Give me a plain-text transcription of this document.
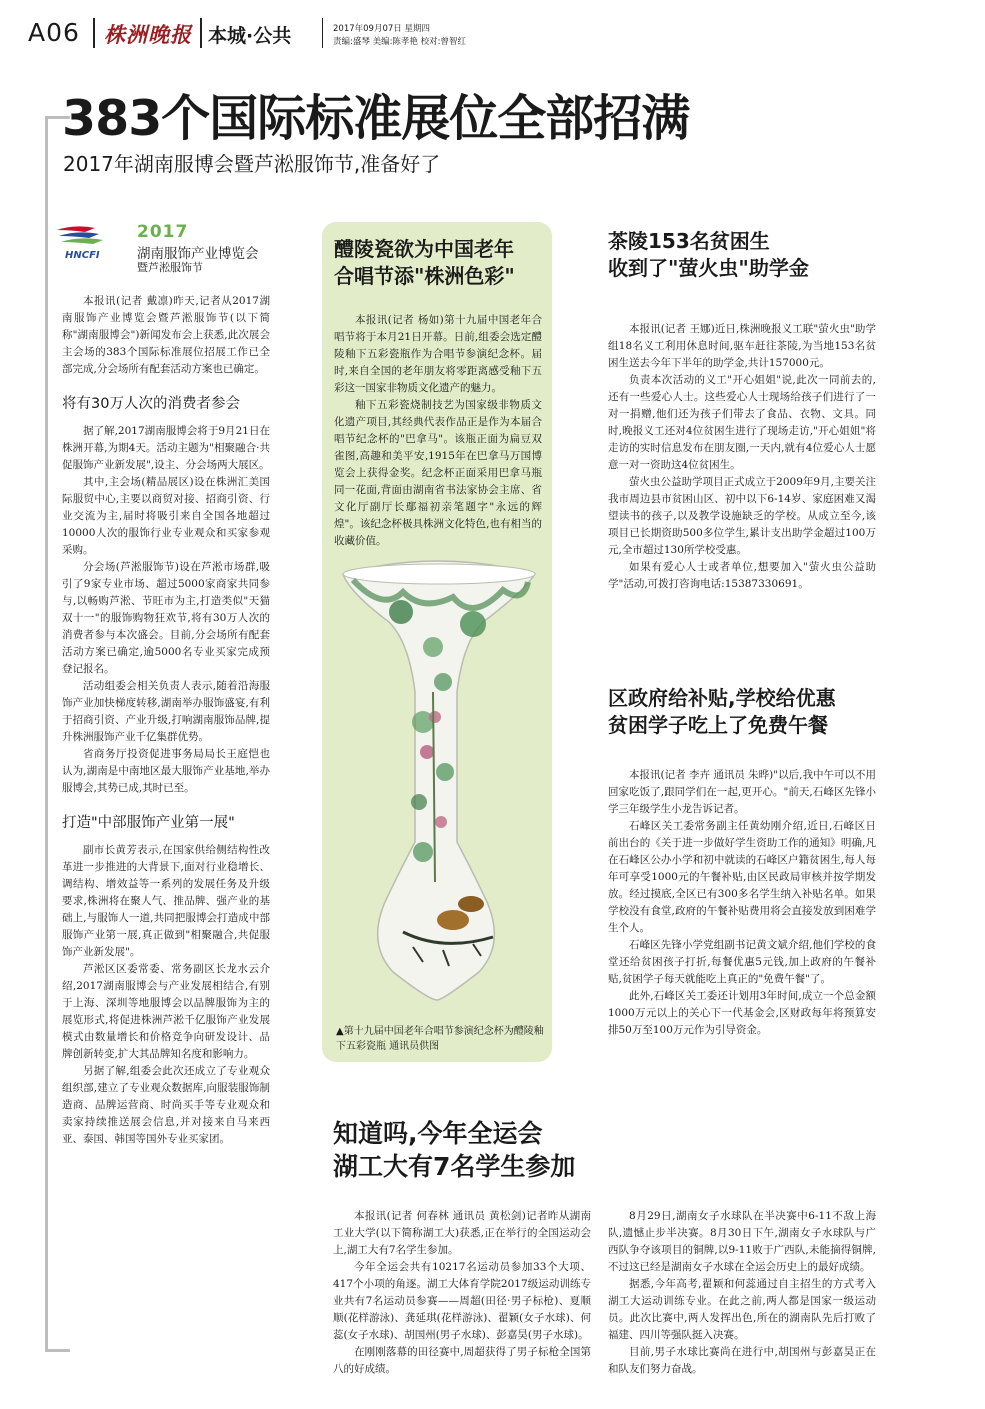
A06 株洲晚报 本城·公共	2017年09月07日 星期四
责编:盛琴 美编:陈孝艳 校对:曾智红
383个国际标准展位全部招满
2017年湖南服博会暨芦淞服饰节,准备好了
HNCFI
2017
湖南服饰产业博览会
暨芦淞服饰节

本报讯(记者 戴凛)昨天,记者从2017湖南服饰产业博览会暨芦淞服饰节(以下简称"湖南服博会")新闻发布会上获悉,此次展会主会场的383个国际标准展位招展工作已全部完成,分会场所有配套活动方案也已确定。

将有30万人次的消费者参会

据了解,2017湖南服博会将于9月21日在株洲开幕,为期4天。活动主题为"相聚融合·共促服饰产业新发展",设主、分会场两大展区。

其中,主会场(精品展区)设在株洲汇美国际服贸中心,主要以商贸对接、招商引资、行业交流为主,届时将吸引来自全国各地超过10000人次的服饰行业专业观众和买家参观采购。

分会场(芦淞服饰节)设在芦淞市场群,吸引了9家专业市场、超过5000家商家共同参与,以畅购芦淞、节旺市为主,打造类似"天猫双十一"的服饰购物狂欢节,将有30万人次的消费者参与本次盛会。目前,分会场所有配套活动方案已确定,逾5000名专业买家完成预登记报名。

活动组委会相关负责人表示,随着沿海服饰产业加快梯度转移,湖南举办服饰盛宴,有利于招商引资、产业升级,打响湖南服饰品牌,提升株洲服饰产业千亿集群优势。

省商务厅投资促进事务局局长王庭恺也认为,湖南是中南地区最大服饰产业基地,举办服博会,其势已成,其时已至。

打造"中部服饰产业第一展"

副市长黄芳表示,在国家供给侧结构性改革进一步推进的大背景下,面对行业稳增长、调结构、增效益等一系列的发展任务及升级要求,株洲将在聚人气、推品牌、强产业的基础上,与服饰人一道,共同把服博会打造成中部服饰产业第一展,真正做到"相聚融合,共促服饰产业新发展"。

芦淞区区委常委、常务副区长龙水云介绍,2017湖南服博会与产业发展相结合,有别于上海、深圳等地服博会以品牌服饰为主的展览形式,将促进株洲芦淞千亿服饰产业发展模式由数量增长和价格竞争向研发设计、品牌创新转变,扩大其品牌知名度和影响力。

另据了解,组委会此次还成立了专业观众组织部,建立了专业观众数据库,向服装服饰制造商、品牌运营商、时尚买手等专业观众和卖家持续推送展会信息,并对接来自马来西亚、泰国、韩国等国外专业买家团。

醴陵瓷欲为中国老年
合唱节添"株洲色彩"

本报讯(记者 杨如)第十九届中国老年合唱节将于本月21日开幕。日前,组委会选定醴陵釉下五彩瓷瓶作为合唱节参演纪念杯。届时,来自全国的老年朋友将零距离感受釉下五彩这一国家非物质文化遗产的魅力。

釉下五彩瓷烧制技艺为国家级非物质文化遗产项目,其经典代表作品正是作为本届合唱节纪念杯的"巴拿马"。该瓶正面为扁豆双雀图,高趣和美平安,1915年在巴拿马万国博览会上获得金奖。纪念杯正面采用巴拿马瓶同一花面,背面由湖南省书法家协会主席、省文化厅副厅长鄢福初亲笔题字"永远的辉煌"。该纪念杯极具株洲文化特色,也有相当的收藏价值。

▲第十九届中国老年合唱节参演纪念杯为醴陵釉下五彩瓷瓶 通讯员供图
茶陵153名贫困生
收到了"萤火虫"助学金

本报讯(记者 王娜)近日,株洲晚报义工联"萤火虫"助学组18名义工利用休息时间,驱车赶往茶陵,为当地153名贫困生送去今年下半年的助学金,共计157000元。

负责本次活动的义工"开心姐姐"说,此次一同前去的,还有一些爱心人士。这些爱心人士现场给孩子们进行了一对一捐赠,他们还为孩子们带去了食品、衣物、文具。同时,晚报义工还对4位贫困生进行了现场走访,"开心姐姐"将走访的实时信息发布在朋友圈,一天内,就有4位爱心人士愿意一对一资助这4位贫困生。

萤火虫公益助学项目正式成立于2009年9月,主要关注我市周边县市贫困山区、初中以下6-14岁、家庭困难又渴望读书的孩子,以及教学设施缺乏的学校。从成立至今,该项目已长期资助500多位学生,累计支出助学金超过100万元,全市超过130所学校受惠。

如果有爱心人士或者单位,想要加入"萤火虫公益助学"活动,可拨打咨询电话:15387330691。

区政府给补贴,学校给优惠
贫困学子吃上了免费午餐

本报讯(记者 李卉 通讯员 朱晔)"以后,我中午可以不用回家吃饭了,跟同学们在一起,更开心。"前天,石峰区先锋小学三年级学生小龙告诉记者。

石峰区关工委常务副主任黄幼刚介绍,近日,石峰区日前出台的《关于进一步做好学生资助工作的通知》明确,凡在石峰区公办小学和初中就读的石峰区户籍贫困生,每人每年可享受1000元的午餐补贴,由区民政局审核并按学期发放。经过摸底,全区已有300多名学生纳入补贴名单。如果学校没有食堂,政府的午餐补贴费用将会直接发放到困难学生个人。

石峰区先锋小学党组副书记黄文斌介绍,他们学校的食堂还给贫困孩子打折,每餐优惠5元钱,加上政府的午餐补贴,贫困学子每天就能吃上真正的"免费午餐"了。

此外,石峰区关工委还计划用3年时间,成立一个总金额1000万元以上的关心下一代基金会,区财政每年将预算安排50万至100万元作为引导资金。

知道吗,今年全运会
湖工大有7名学生参加

本报讯(记者 何春林 通讯员 黄松剑)记者昨从湖南工业大学(以下简称湖工大)获悉,正在举行的全国运动会上,湖工大有7名学生参加。

今年全运会共有10217名运动员参加33个大项、417个小项的角逐。湖工大体育学院2017级运动训练专业共有7名运动员参赛——周超(田径·男子标枪)、夏顺顺(花样游泳)、龚延琪(花样游泳)、翟颖(女子水球)、何蕊(女子水球)、胡国州(男子水球)、彭嘉昊(男子水球)。

在刚刚落幕的田径赛中,周超获得了男子标枪全国第八的好成绩。

8月29日,湖南女子水球队在半决赛中6-11不敌上海队,遗憾止步半决赛。8月30日下午,湖南女子水球队与广西队争夺该项目的铜牌,以9-11败于广西队,未能摘得铜牌,不过这已经是湖南女子水球在全运会历史上的最好成绩。

据悉,今年高考,翟颖和何蕊通过自主招生的方式考入湖工大运动训练专业。在此之前,两人都是国家一级运动员。此次比赛中,两人发挥出色,所在的湖南队先后打败了福建、四川等强队挺入决赛。

目前,男子水球比赛尚在进行中,胡国州与彭嘉昊正在和队友们努力奋战。
